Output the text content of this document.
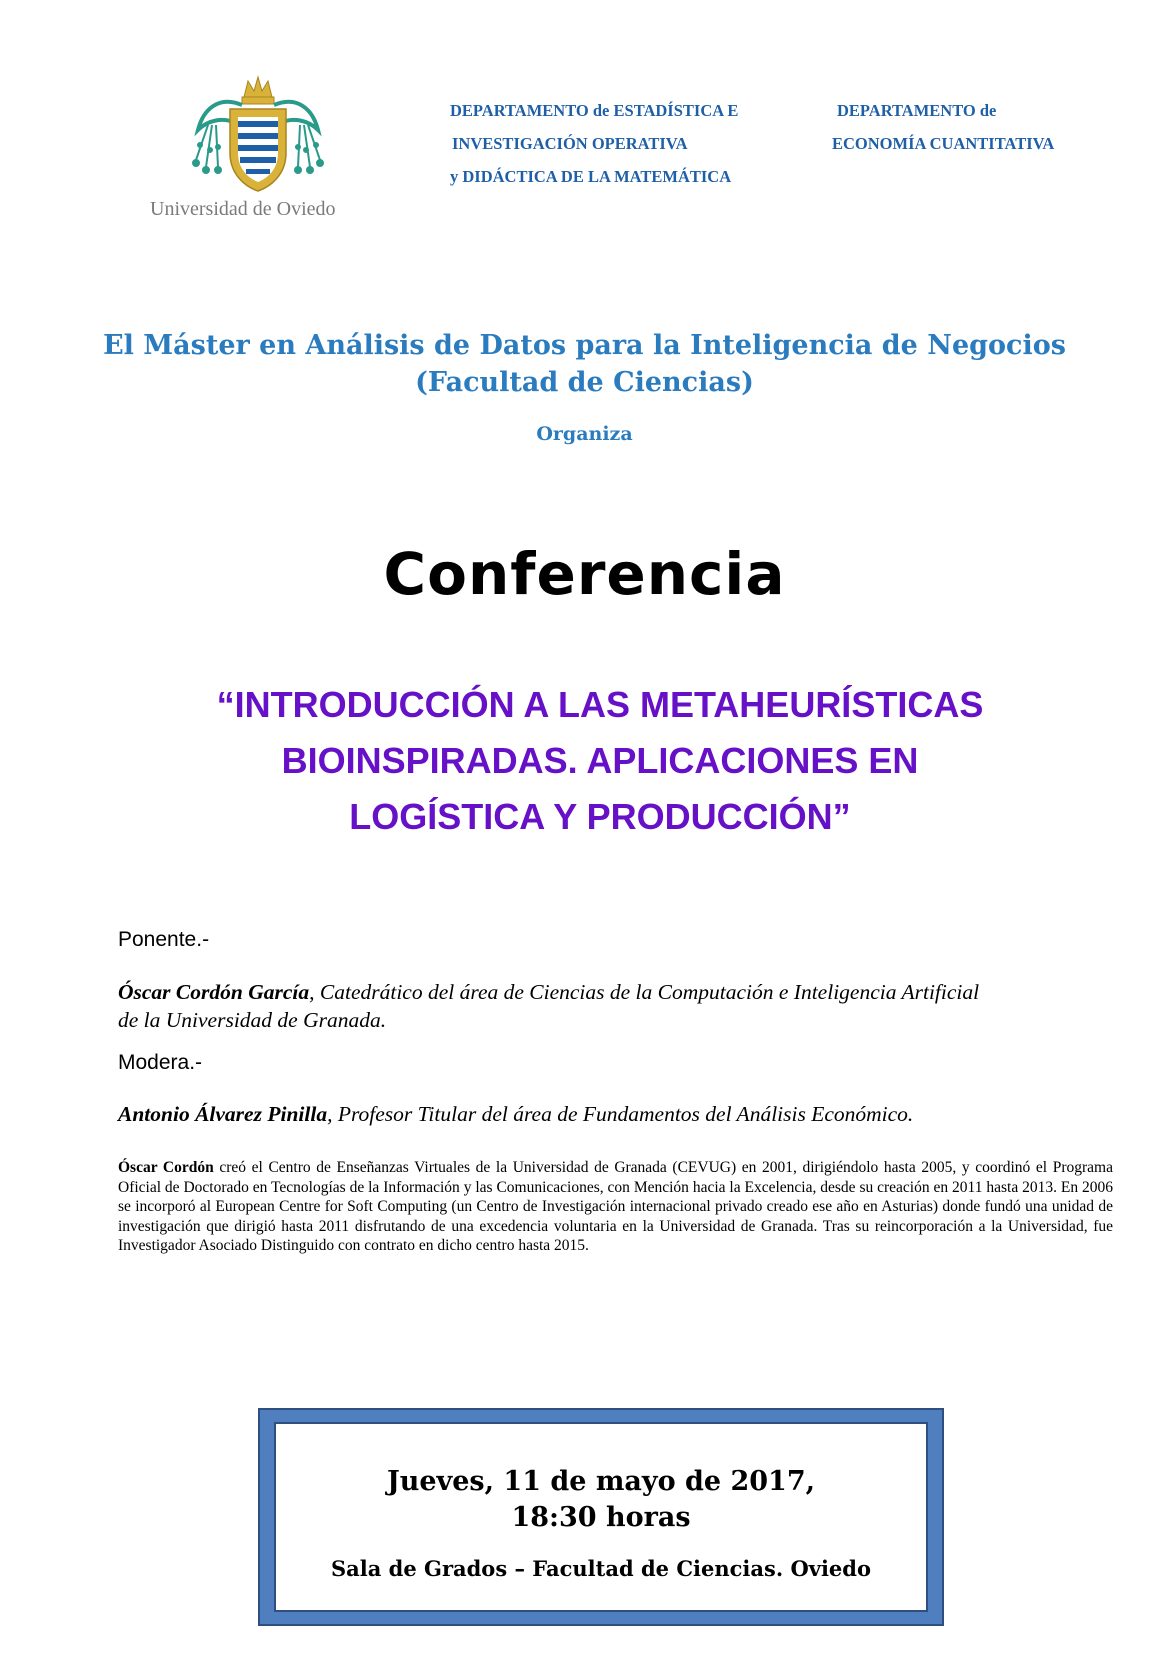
Universidad de Oviedo
DEPARTAMENTO de ESTADÍSTICA E
INVESTIGACIÓN OPERATIVA
y DIDÁCTICA DE LA MATEMÁTICA
DEPARTAMENTO de
ECONOMÍA CUANTITATIVA
El Máster en Análisis de Datos para la Inteligencia de Negocios
(Facultad de Ciencias)
Organiza
Conferencia
“INTRODUCCIÓN A LAS METAHEURÍSTICAS
BIOINSPIRADAS. APLICACIONES EN
LOGÍSTICA Y PRODUCCIÓN”
Ponente.-
Óscar Cordón García, Catedrático del área de Ciencias de la Computación e Inteligencia Artificial
de la Universidad de Granada.
Modera.-
Antonio Álvarez Pinilla, Profesor Titular del área de Fundamentos del Análisis Económico.
Óscar Cordón creó el Centro de Enseñanzas Virtuales de la Universidad de Granada (CEVUG) en 2001, dirigiéndolo hasta 2005, y coordinó el Programa Oficial de Doctorado en Tecnologías de la Información y las Comunicaciones, con Mención hacia la Excelencia, desde su creación en 2011 hasta 2013. En 2006 se incorporó al European Centre for Soft Computing (un Centro de Investigación internacional privado creado ese año en Asturias) donde fundó una unidad de investigación que dirigió hasta 2011 disfrutando de una excedencia voluntaria en la Universidad de Granada. Tras su reincorporación a la Universidad, fue Investigador Asociado Distinguido con contrato en dicho centro hasta 2015.
Jueves, 11 de mayo de 2017,
18:30 horas
Sala de Grados – Facultad de Ciencias. Oviedo
